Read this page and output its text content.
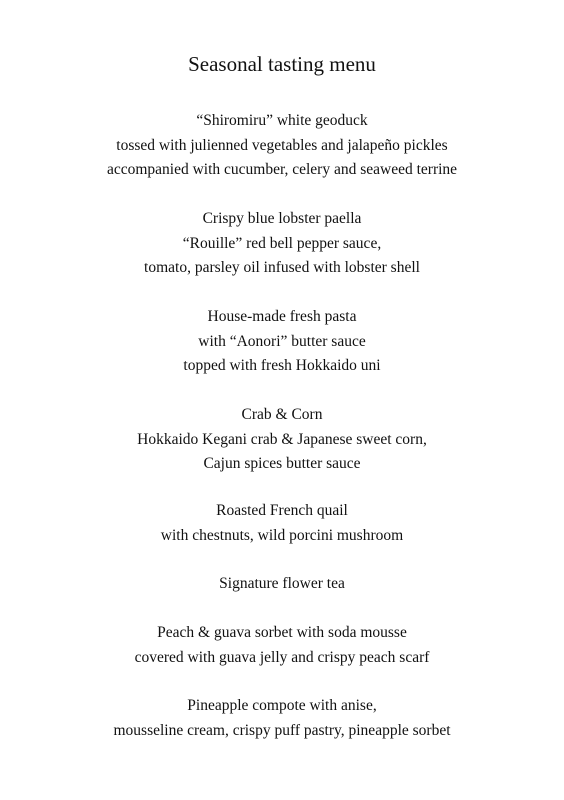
Seasonal tasting menu
“Shiromiru” white geoduck
tossed with julienned vegetables and jalapeño pickles
accompanied with cucumber, celery and seaweed terrine
Crispy blue lobster paella
“Rouille” red bell pepper sauce,
tomato, parsley oil infused with lobster shell
House-made fresh pasta
with “Aonori” butter sauce
topped with fresh Hokkaido uni
Crab & Corn
Hokkaido Kegani crab & Japanese sweet corn,
Cajun spices butter sauce
Roasted French quail
with chestnuts, wild porcini mushroom
Signature flower tea
Peach & guava sorbet with soda mousse
covered with guava jelly and crispy peach scarf
Pineapple compote with anise,
mousseline cream, crispy puff pastry, pineapple sorbet
